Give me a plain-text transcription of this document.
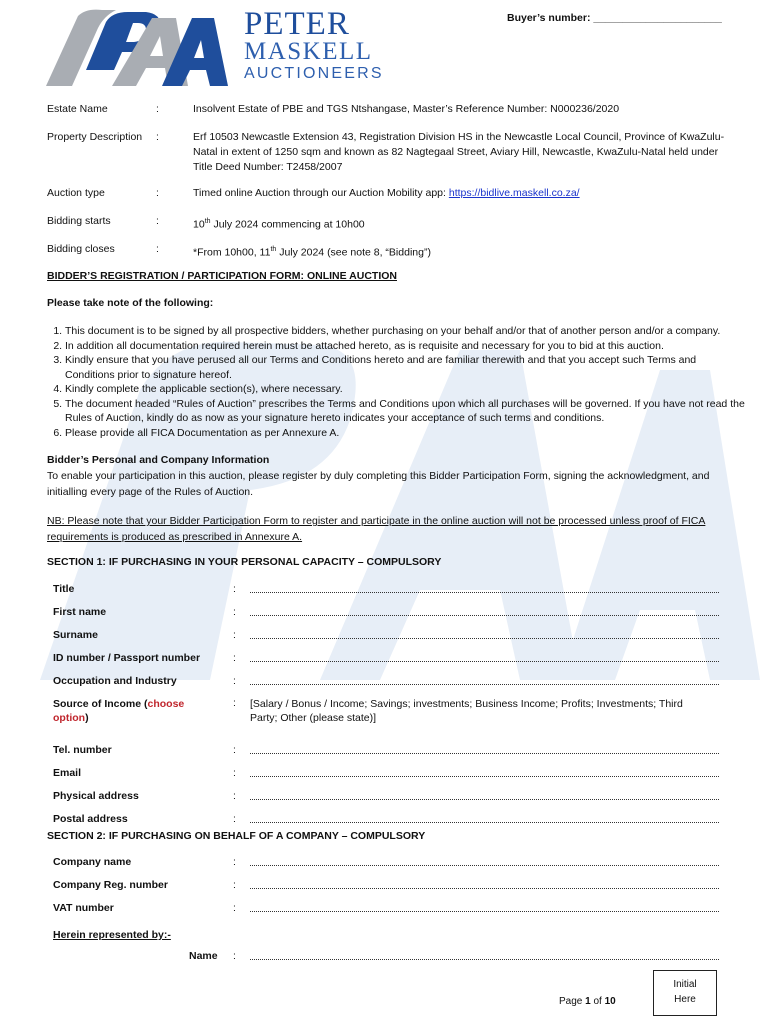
PETER
MASKELL
AUCTIONEERS
Buyer’s number: ______________________
Estate Name	:	Insolvent Estate of PBE and TGS Ntshangase, Master’s Reference Number: N000236/2020
Property Description :	Erf 10503 Newcastle Extension 43, Registration Division HS in the Newcastle Local Council, Province of KwaZulu-Natal in extent of 1250 sqm and known as 82 Nagtegaal Street, Aviary Hill, Newcastle, KwaZulu-Natal held under Title Deed Number: T2458/2007
Auction type	:	Timed online Auction through our Auction Mobility app: https://bidlive.maskell.co.za/
Bidding starts	:	10th July 2024 commencing at 10h00
Bidding closes	:	*From 10h00, 11th July 2024 (see note 8, “Bidding”)
BIDDER’S REGISTRATION / PARTICIPATION FORM: ONLINE AUCTION
Please take note of the following:
1. This document is to be signed by all prospective bidders, whether purchasing on your behalf and/or that of another person and/or a company.
2. In addition all documentation required herein must be attached hereto, as is requisite and necessary for you to bid at this auction.
3. Kindly ensure that you have perused all our Terms and Conditions hereto and are familiar therewith and that you accept such Terms and Conditions prior to signature hereof.
4. Kindly complete the applicable section(s), where necessary.
5. The document headed “Rules of Auction” prescribes the Terms and Conditions upon which all purchases will be governed. If you have not read the Rules of Auction, kindly do as now as your signature hereto indicates your acceptance of such terms and conditions.
6. Please provide all FICA Documentation as per Annexure A.
Bidder’s Personal and Company Information
To enable your participation in this auction, please register by duly completing this Bidder Participation Form, signing the acknowledgment, and initialling every page of the Rules of Auction.
NB: Please note that your Bidder Participation Form to register and participate in the online auction will not be processed unless proof of FICA requirements is produced as prescribed in Annexure A.
SECTION 1: IF PURCHASING IN YOUR PERSONAL CAPACITY – COMPULSORY
Title	:
First name	:
Surname	:
ID number / Passport number	:
Occupation and Industry	:
Source of Income (choose option)
: [Salary / Bonus / Income; Savings; investments; Business Income; Profits; Investments; Third Party; Other (please state)]
Tel. number	:
Email	:
Physical address	:
Postal address	:
SECTION 2: IF PURCHASING ON BEHALF OF A COMPANY – COMPULSORY
Company name	:
Company Reg. number	:
VAT number	:
Herein represented by:-
Name :
Page 1 of 10
Initial
Here
